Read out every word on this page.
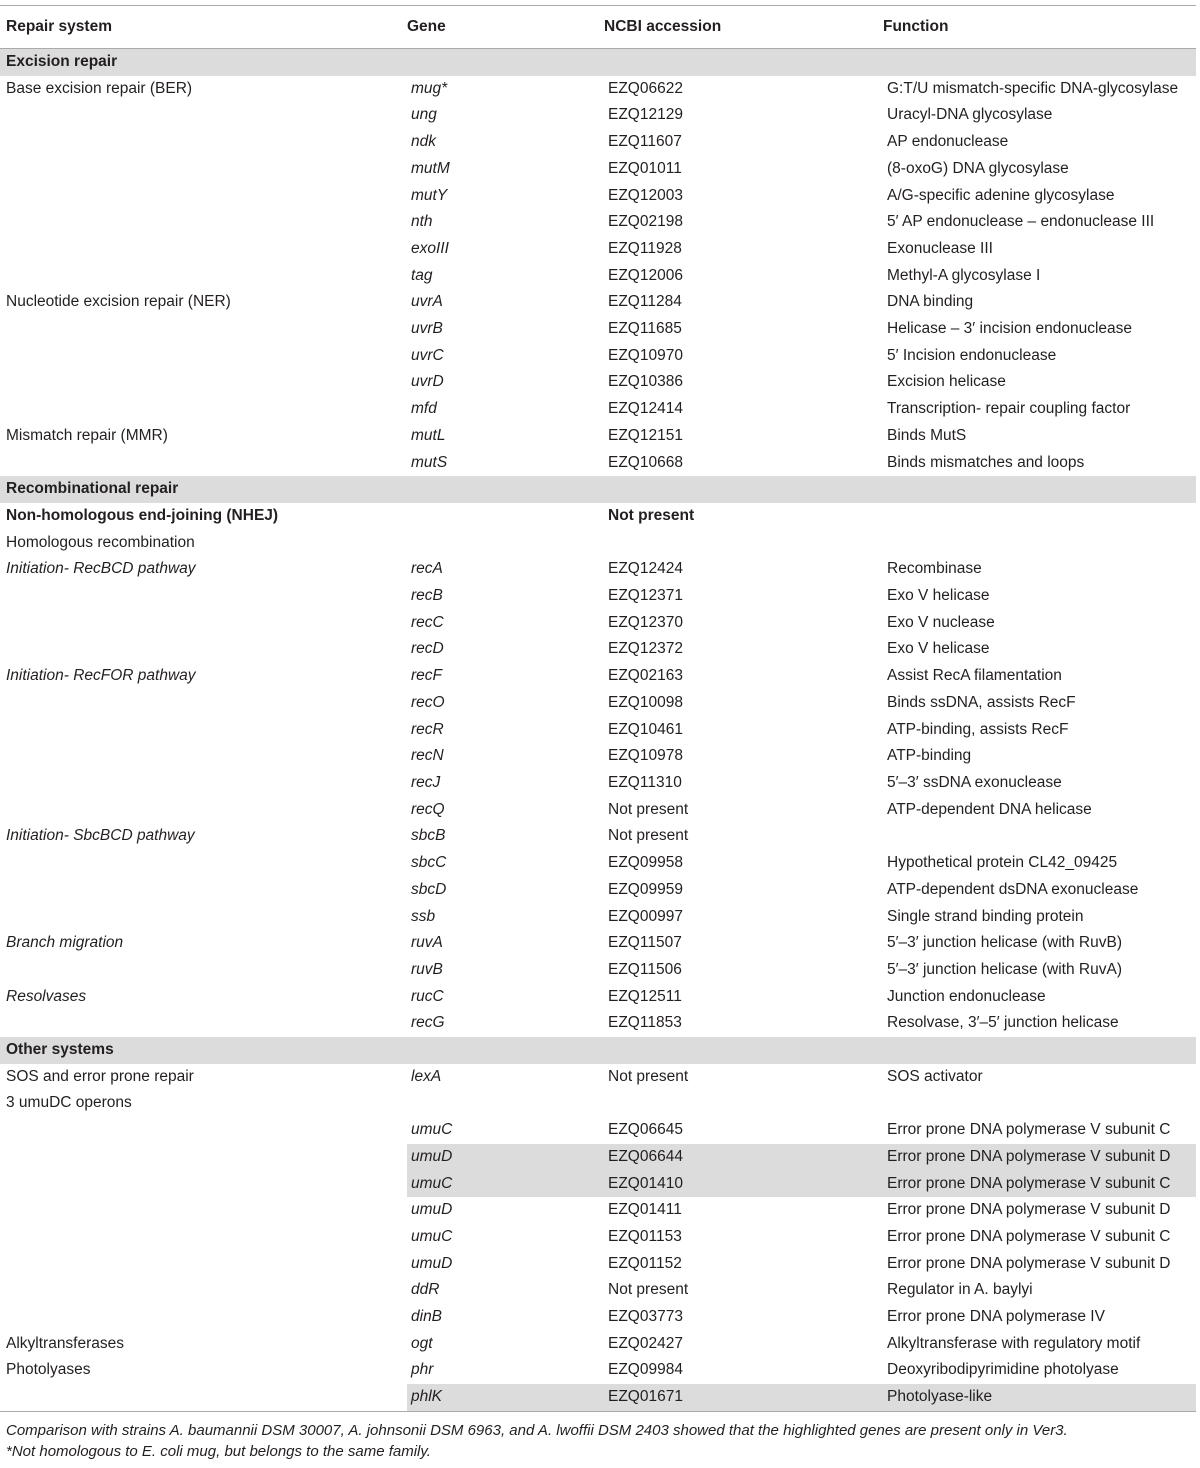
Repair system	Gene	NCBI accession	Function
Excision repair			
Base excision repair (BER)	mug*	EZQ06622	G:T/U mismatch-specific DNA-glycosylase
	ung	EZQ12129	Uracyl-DNA glycosylase
	ndk	EZQ11607	AP endonuclease
	mutM	EZQ01011	(8-oxoG) DNA glycosylase
	mutY	EZQ12003	A/G-specific adenine glycosylase
	nth	EZQ02198	5′ AP endonuclease – endonuclease III
	exoIII	EZQ11928	Exonuclease III
	tag	EZQ12006	Methyl-A glycosylase I
Nucleotide excision repair (NER)	uvrA	EZQ11284	DNA binding
	uvrB	EZQ11685	Helicase – 3′ incision endonuclease
	uvrC	EZQ10970	5′ Incision endonuclease
	uvrD	EZQ10386	Excision helicase
	mfd	EZQ12414	Transcription- repair coupling factor
Mismatch repair (MMR)	mutL	EZQ12151	Binds MutS
	mutS	EZQ10668	Binds mismatches and loops
Recombinational repair			
Non-homologous end-joining (NHEJ)		Not present	
Homologous recombination			
Initiation- RecBCD pathway	recA	EZQ12424	Recombinase
	recB	EZQ12371	Exo V helicase
	recC	EZQ12370	Exo V nuclease
	recD	EZQ12372	Exo V helicase
Initiation- RecFOR pathway	recF	EZQ02163	Assist RecA filamentation
	recO	EZQ10098	Binds ssDNA, assists RecF
	recR	EZQ10461	ATP-binding, assists RecF
	recN	EZQ10978	ATP-binding
	recJ	EZQ11310	5′–3′ ssDNA exonuclease
	recQ	Not present	ATP-dependent DNA helicase
Initiation- SbcBCD pathway	sbcB	Not present	
	sbcC	EZQ09958	Hypothetical protein CL42_09425
	sbcD	EZQ09959	ATP-dependent dsDNA exonuclease
	ssb	EZQ00997	Single strand binding protein
Branch migration	ruvA	EZQ11507	5′–3′ junction helicase (with RuvB)
	ruvB	EZQ11506	5′–3′ junction helicase (with RuvA)
Resolvases	rucC	EZQ12511	Junction endonuclease
	recG	EZQ11853	Resolvase, 3′–5′ junction helicase
Other systems			
SOS and error prone repair	lexA	Not present	SOS activator
3 umuDC operons			
	umuC	EZQ06645	Error prone DNA polymerase V subunit C
	umuD	EZQ06644	Error prone DNA polymerase V subunit D
	umuC	EZQ01410	Error prone DNA polymerase V subunit C
	umuD	EZQ01411	Error prone DNA polymerase V subunit D
	umuC	EZQ01153	Error prone DNA polymerase V subunit C
	umuD	EZQ01152	Error prone DNA polymerase V subunit D
	ddR	Not present	Regulator in A. baylyi
	dinB	EZQ03773	Error prone DNA polymerase IV
Alkyltransferases	ogt	EZQ02427	Alkyltransferase with regulatory motif
Photolyases	phr	EZQ09984	Deoxyribodipyrimidine photolyase
	phlK	EZQ01671	Photolyase-like
Comparison with strains A. baumannii DSM 30007, A. johnsonii DSM 6963, and A. lwoffii DSM 2403 showed that the highlighted genes are present only in Ver3.
*Not homologous to E. coli mug, but belongs to the same family.
